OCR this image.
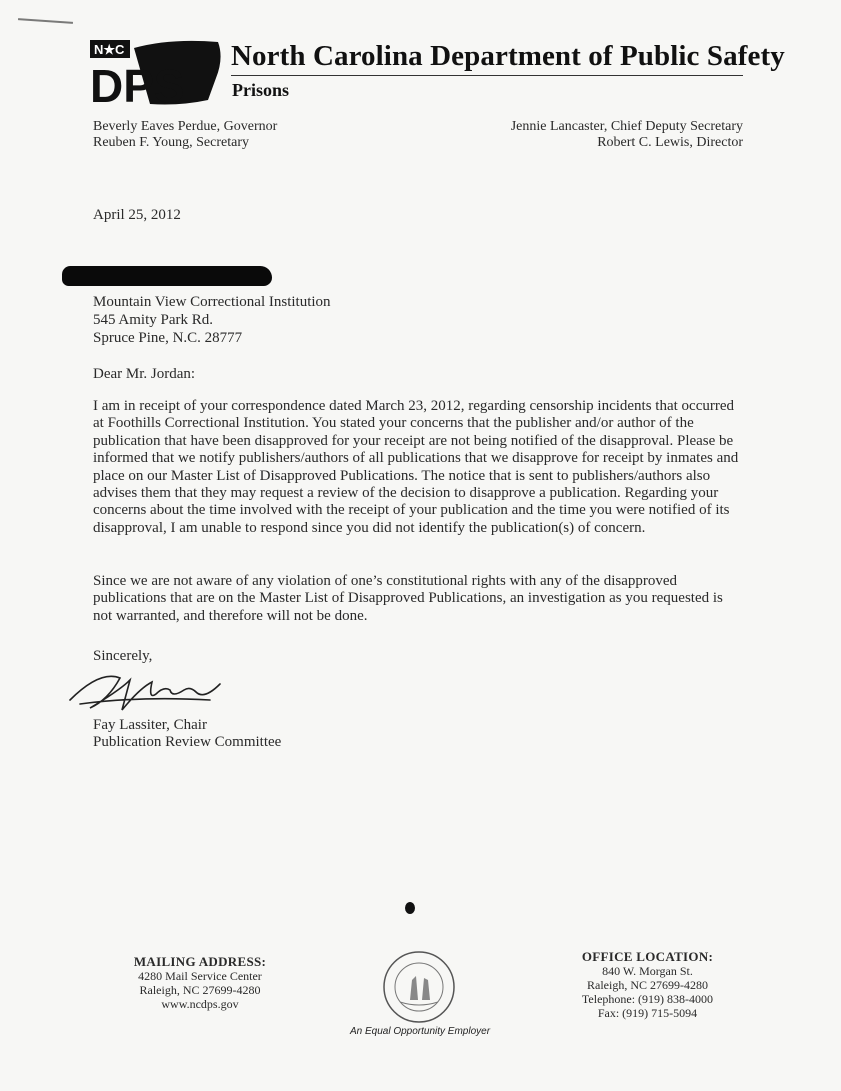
N★C
DPS
North Carolina Department of Public Safety
Prisons
Beverly Eaves Perdue, Governor
Reuben F. Young, Secretary
Jennie Lancaster, Chief Deputy Secretary
Robert C. Lewis, Director
April 25, 2012
Mountain View Correctional Institution
545 Amity Park Rd.
Spruce Pine, N.C. 28777
Dear Mr. Jordan:
I am in receipt of your correspondence dated March 23, 2012, regarding censorship incidents that occurred at Foothills Correctional Institution. You stated your concerns that the publisher and/or author of the publication that have been disapproved for your receipt are not being notified of the disapproval. Please be informed that we notify publishers/authors of all publications that we disapprove for receipt by inmates and place on our Master List of Disapproved Publications. The notice that is sent to publishers/authors also advises them that they may request a review of the decision to disapprove a publication. Regarding your concerns about the time involved with the receipt of your publication and the time you were notified of its disapproval, I am unable to respond since you did not identify the publication(s) of concern.
Since we are not aware of any violation of one’s constitutional rights with any of the disapproved publications that are on the Master List of Disapproved Publications, an investigation as you requested is not warranted, and therefore will not be done.
Sincerely,
Fay Lassiter, Chair
Publication Review Committee
MAILING ADDRESS:
4280 Mail Service Center
Raleigh, NC 27699-4280
www.ncdps.gov
An Equal Opportunity Employer
OFFICE LOCATION:
840 W. Morgan St.
Raleigh, NC 27699-4280
Telephone: (919) 838-4000
Fax: (919) 715-5094
